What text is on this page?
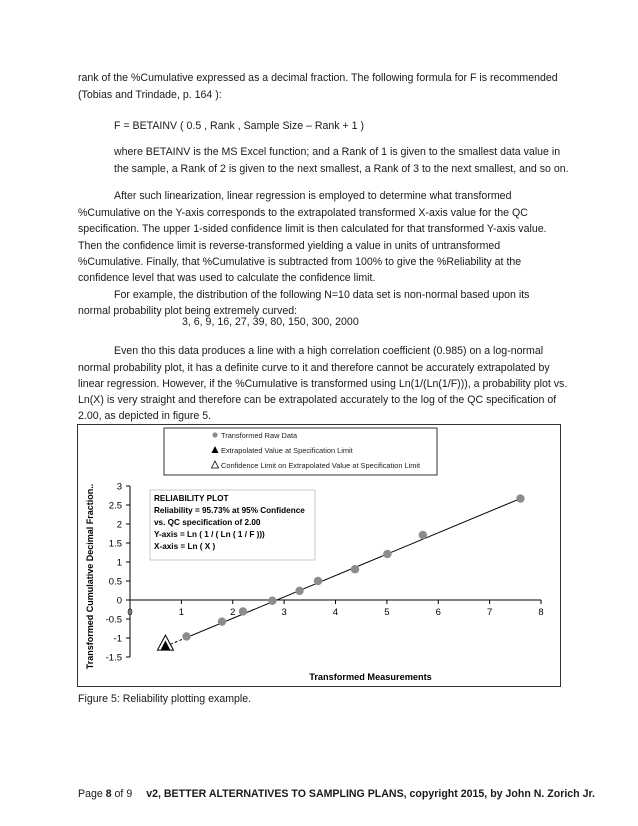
rank of the %Cumulative expressed as a decimal fraction. The following formula for F is recommended
(Tobias and Trindade, p. 164 ):
F = BETAINV ( 0.5 , Rank , Sample Size – Rank + 1 )
where BETAINV is the MS Excel function; and a Rank of 1 is given to the smallest data value in
the sample, a Rank of 2 is given to the next smallest, a Rank of 3 to the next smallest, and so on.
After such linearization, linear regression is employed to determine what transformed
%Cumulative on the Y-axis corresponds to the extrapolated transformed X-axis value for the QC
specification. The upper 1-sided confidence limit is then calculated for that transformed Y-axis value.
Then the confidence limit is reverse-transformed yielding a value in units of untransformed
%Cumulative. Finally, that %Cumulative is subtracted from 100% to give the %Reliability at the
confidence level that was used to calculate the confidence limit.
For example, the distribution of the following N=10 data set is non-normal based upon its
normal probability plot being extremely curved:
3, 6, 9, 16, 27, 39, 80, 150, 300, 2000
Even tho this data produces a line with a high correlation coefficient (0.985) on a log-normal
normal probability plot, it has a definite curve to it and therefore cannot be accurately extrapolated by
linear regression. However, if the %Cumulative is transformed using Ln(1/(Ln(1/F))), a probability plot vs.
Ln(X) is very straight and therefore can be extrapolated accurately to the log of the QC specification of
2.00, as depicted in figure 5.
3
2.5
2
1.5
1
0.5
0
-0.5
-1
-1.5
0	1	2	3	4	5	6	7	8
Transformed Raw Data
Extrapolated Value at Specification Limit
Confidence Limit on Extrapolated Value at Specification Limit
RELIABILITY PLOT
Reliability = 95.73% at 95% Confidence
vs. QC specification of 2.00
Y-axis = Ln ( 1 / ( Ln ( 1 / F )))
X-axis = Ln ( X )
Transformed Measurements
Transformed Cumulative Decimal Fraction..
Figure 5: Reliability plotting example.
Page 8 of 9 v2, BETTER ALTERNATIVES TO SAMPLING PLANS, copyright 2015, by John N. Zorich Jr.
